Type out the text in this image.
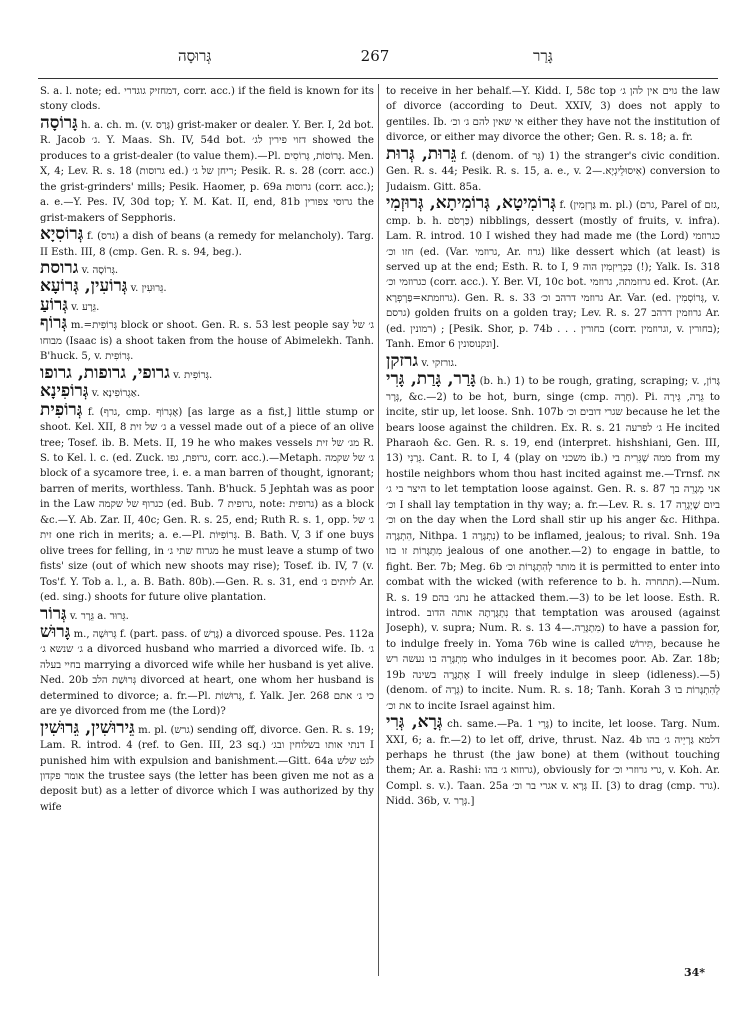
גְּרוּסָה	267	גָּרַר

S. a. l. note; ed. דמחזיק גוגדרי, corr. acc.) if the field is known for its stony clods.

גָּרוֹסָה h. a. ch. m. (v. גָּרַס) grist-maker or dealer. Y. Ber. I, 2d bot. R. Jacob ג׳. Y. Maas. Sh. IV, 54d bot. דזוי פירין לג׳ showed the produces to a grist-dealer (to value them).—Pl. גָּרוֹסוֹת, גְּרוֹסִים. Men. X, 4; Lev. R. s. 18 (גרוסות ed.) ריחן של ג׳; Pesik. R. s. 28 (corr. acc.) the grist-grinders' mills; Pesik. Haomer, p. 69a גרוסות (corr. acc.); a. e.—Y. Pes. IV, 30d top; Y. M. Kat. II, end, 81b גרוסי צפורין the grist-makers of Sepphoris.

גְּרוֹסִיָא f. (גרס) a dish of beans (a remedy for melancholy). Targ. II Esth. III, 8 (cmp. Gen. R. s. 94, beg.).

גרוסת v. גְּרוֹסָה.

גְּרוֹעִין, גְּרוֹעָא v. גֵּרוּעִין.

גְּרוֹעַ v. גֵּרָע.

גְּרוֹף m.=גְּרוֹפִית block or shoot. Gen. R. s. 53 lest people say ג׳ של מבוחו (Isaac is) a shoot taken from the house of Abimelekh. Tanh. B'huck. 5, v. גְּרוֹפִית.

גרופי, גרופות, גרופו v. גְּרוֹפִית.

גְּרוֹפִינָא v. אַגְרוֹפִינָא.

גְּרוֹפִית f. (גרף, cmp. אֶגְרוֹף) [as large as a fist,] little stump or shoot. Kel. XII, 8 ג׳ של זית a vessel made out of a piece of an olive tree; Tosef. ib. B. Mets. II, 19 he who makes vessels מג׳ של זית R. S. to Kel. l. c. (ed. Zuck. גרופת, גפו, corr. acc.).—Metaph. ג׳ של שקמה block of a sycamore tree, i. e. a man barren of thought, ignorant; barren of merits, worthless. Tanh. B'huck. 5 Jephtah was as poor in the Law כגרוף של שקמה (ed. Bub. 7 גרופית, note: גרופית) as a block &c.—Y. Ab. Zar. II, 40c; Gen. R. s. 25, end; Ruth R. s. 1, opp. ג׳ של זית one rich in merits; a. e.—Pl. גְּרוֹפִיּוֹת. B. Bath. V, 3 if one buys olive trees for felling, in מגרוח שתי ג׳ he must leave a stump of two fists' size (out of which new shoots may rise); Tosef. ib. IV, 7 (v. Tos'f. Y. Tob a. l., a. B. Bath. 80b).—Gen. R. s. 31, end לזיתים ג׳ Ar. (ed. sing.) shoots for future olive plantation.

גְּרוֹר v. גֵּרָר a. גֵּרוּר.

גָּרוּשׁ m., גְּרוּשָׁה f. (part. pass. of גָּרַשׁ) a divorced spouse. Pes. 112a ג׳ שנשא ג׳ a divorced husband who married a divorced wife. Ib. ג׳ בחיי בעלה marrying a divorced wife while her husband is yet alive. Ned. 20b גְּרוּשַׁת הלב divorced at heart, one whom her husband is determined to divorce; a. fr.—Pl. גְּרוּשׁוֹת, f. Yalk. Jer. 268 כי ג׳ אתם are ye divorced from me (the Lord)?

גֵּירוּשִׁין, גֵּרוּשִׁין m. pl. (גרש) sending off, divorce. Gen. R. s. 19; Lam. R. introd. 4 (ref. to Gen. III, 23 sq.) דנתי אותו בשלוחין ובג׳ I punished him with expulsion and banishment.—Gitt. 64a לגט שלש אומר פקדון the trustee says (the letter has been given me not as a deposit but) as a letter of divorce which I was authorized by thy wife

to receive in her behalf.—Y. Kidd. I, 58c top גוים אין להן ג׳ the law of divorce (according to Deut. XXIV, 3) does not apply to gentiles. Ib. אי שאין להם ג׳ וכ׳ either they have not the institution of divorce, or either may divorce the other; Gen. R. s. 18; a. fr.

גֵּרוּת, גְּרוּת f. (denom. of גֵּר) 1) the stranger's civic condition. Gen. R. s. 44; Pesik. R. s. 15, a. e., v. אִיסוּלֵיגְיָא.—2) conversion to Judaism. Gitt. 85a.

גְּרוֹמִיטָא, גְּרוֹמִיתָא, גְּרוּזְמִי f. (גַּרְזְמִין m. pl.) (גרם, Parel of גזם, cmp. b. h. כַּרְסֹם) nibblings, dessert (mostly of fruits, v. infra). Lam. R. introd. 10 I wished they had made me (the Lord) כגרוזמי חזו וכ׳ (ed. (Var. גרוזמי, Ar. גרוז) like dessert which (at least) is served up at the end; Esth. R. to I, 9 כִּכְרֵיזְמִין הוה (!); Yalk. Is. 318 כגרוזמי וכ׳ (corr. acc.). Y. Ber. VI, 10c bot. גרוזמתה, גרוזמי ed. Krot. (Ar. גרוזמתא=פַרְפְרָא). Gen. R. s. 33 גרוזמי דרהב וכ׳ Ar. Var. (ed. גְּרוֹסְמִין, v. גרסם) golden fruits on a golden tray; Lev. R. s. 27 גרוזמין דרהב Ar. (ed. רמונין) ; [Pesik. Shor, p. 74b . . . בחורין (corr. וגרוזמין, v. בחורין); Tanh. Emor 6 ונקנוסונין].

גרזקן v. גורזקי.

גָּרַר, גָּרַת, גָּרִי (b. h.) 1) to be rough, grating, scraping; v. גָּרוֹן, גְּרָר, &c.—2) to be hot, burn, singe (cmp. חָרָה). Pi. גֵּרָה, גֵּירָה to incite, stir up, let loose. Snh. 107b שגרי דובים וכ׳ because he let the bears loose against the children. Ex. R. s. 21 ג׳ לפרעה He incited Pharaoh &c. Gen. R. s. 19, end (interpret. hishshiani, Gen. III, 13) גֵּרַנִי. Cant. R. to I, 4 (play on משכני ib.) ממה שֶׁגֵּרִית בי from my hostile neighbors whom thou hast incited against me.—Trnsf. את היצר בי ג׳ to let temptation loose against. Gen. R. s. 87 אני מְגָרֵה בך וכ׳ I shall lay temptation in thy way; a. fr.—Lev. R. s. 17 ביום שֶׁיְגָרֵה וכ׳ on the day when the Lord shall stir up his anger &c. Hithpa. הִתְגָּרָה, Nithpa. נִתְגָּרָה 1) to be inflamed, jealous; to rival. Snh. 19a מִתְגָּרוֹת זו בזו jealous of one another.—2) to engage in battle, to fight. Ber. 7b; Meg. 6b מותר לְהִתְגָּרוֹת וכ׳ it is permitted to enter into combat with the wicked (with reference to b. h. תתחרה).—Num. R. s. 19 נתג׳ בהם he attacked them.—3) to be let loose. Esth. R. introd. נִתְגָּרָתָה אותה הדוב that temptation was aroused (against Joseph), v. supra; Num. R. s. 13 מִתְגָּרֵה.—4) to have a passion for, to indulge freely in. Yoma 76b wine is called תִּירוֹשׁ, because he מִתְגָּרֵה בו נעשה רש who indulges in it becomes poor. Ab. Zar. 18b; 19b אֶתְגָּרֶה בשינה I will freely indulge in sleep (idleness).—5) (denom. of גְּרָה) to incite. Num. R. s. 18; Tanh. Korah 3 לְהִתְגָּרוֹת בו את וכ׳ to incite Israel against him.

גְּרָא, גְּרִי ch. same.—Pa. גָּרֵי 1) to incite, let loose. Targ. Num. XXI, 6; a. fr.—2) to let off, drive, thrust. Naz. 4b דלמא גַּרְיֵיה ג׳ בהו perhaps he thrust (the jaw bone) at them (without touching them; Ar. a. Rashi: גרוזוא ג׳ בהו), obviously for גרי גרוזרי וכ׳, v. Koh. Ar. Compl. s. v.). Taan. 25a אגרי בר וכ׳ v. גְּרָא II. [3) to drag (cmp. גרר). Nidd. 36b, v. גְּרָר.]

34*
